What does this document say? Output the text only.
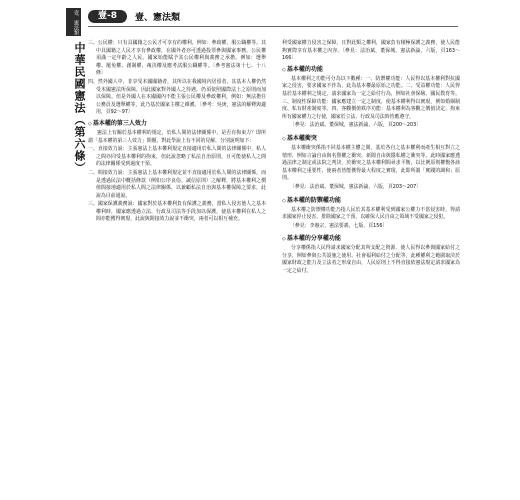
壹、憲法類	壹-8	壹、憲法類
中華民國憲法（第六條） 三、公民權：只有具國籍之公民才可享有的權利，例如：參政權、服公職權等。其中具國籍之人民才享有參政權，在國外者亦可透過投票參與國家事務。公民權須滿一定年齡之人民，國家始能賦予其公民權利與義務之承擔。例如：選舉權、罷免權、創制權、複決權及應考試服公職權等。〔參考憲法第十七、十八條〕

四、然外國人中，非享受本國國籍者，其所以在我國境內居留者，其基本人權仍然受本國憲法所保障，因此國家對外國人之待遇，仍須依照國際法上之原則而加以保障。但是外國人在本國國內不能主張公民權及參政權利，例如：無法擔任公務員及選舉權等，此乃基於國家主權之維護。〔參考：吳庚，憲法的解釋與適用，頁92〜97〕

◇ 基本權的第三人效力

憲法上有關於基本權利的規定，於私人間的法律關係中，是否有拘束力？即所謂「基本權的第三人效力」問題，對此學說上有不同的見解，分別說明如下：

一、直接效力說：主張憲法上基本權利規定直接適用於私人間的法律關係中，私人之間亦同受基本權利的拘束，但此說忽略了私法自治原則，且可能使私人之間的法律關係受到過度干預。

二、間接效力說：主張憲法上基本權利規定並不直接適用於私人間的法律關係，而是透過民法中概括條款（例如公序良俗、誠信原則）之解釋，將基本權利之價值間接地適用於私人間之法律關係，以兼顧私法自治與基本權保障之要求，此說為目前通說。

三、國家保護義務說：國家對於基本權利負有保護之義務，當私人侵害他人之基本權利時，國家應透過立法、行政及司法等手段加以保護，使基本權利在私人之間亦能獲得實現，此說與間接效力說並不衝突，兩者可以相互補充。

利受國家權力侵害之保障，且對此類之權利，國家負有積極保護之義務，使人民能夠實際享有基本權之內容。〔參見：法治斌、董保城，憲法新論，六版，頁163〜166〕

◇ 基本權的功能

基本權利之功能可分為以下數種：一、防禦權功能：人民得以基本權利對抗國家之侵害，要求國家不作為，此為基本權最原始之功能。二、受益權功能：人民得基於基本權利之規定，請求國家為一定之給付行為，例如社會保險、國民教育等。三、制度性保障功能：國家應建立一定之制度，使基本權利得以實現，例如婚姻制度、私有財產制度等。四、客觀價值秩序功能：基本權利為客觀之價值決定，拘束所有國家權力之行使，國家於立法、行政及司法時皆應遵守。

〔參見：法治斌、董保城，憲法新論，六版，頁200〜203〕

◇ 基本權衝突

基本權衝突係指不同基本權主體之間，基於各自之基本權利而產生相互對立之情形，例如言論自由與名譽權之衝突、新聞自由與隱私權之衝突等。此時國家應透過法律之制定或法院之判決，於衝突之基本權利間尋求平衡，以比例原則權衡各該基本權利之重要性，使兩者皆能獲得最大程度之實現，此即所謂「實踐的調和」原則。

〔參見：法治斌、董保城，憲法新論，六版，頁203〜207〕

◇ 基本權的防禦權功能

基本權之防禦權功能乃指人民於其基本權利受到國家公權力不當侵害時，得請求國家停止侵害，排除國家之干預，以確保人民自由之領域不受國家之侵犯。

〔參見：李惠宗，憲法要義，七版，頁156〕

◇ 基本權的分享權功能

分享權係指人民得請求國家分配其所支配之資源，使人民得以參與國家給付之分享，例如參與公共設施之使用、社會福利給付之分配等，此種權利之範圍取決於國家財政之能力及立法者之形成自由，人民原則上不得直接依憲法規定請求國家為一定之給付。
